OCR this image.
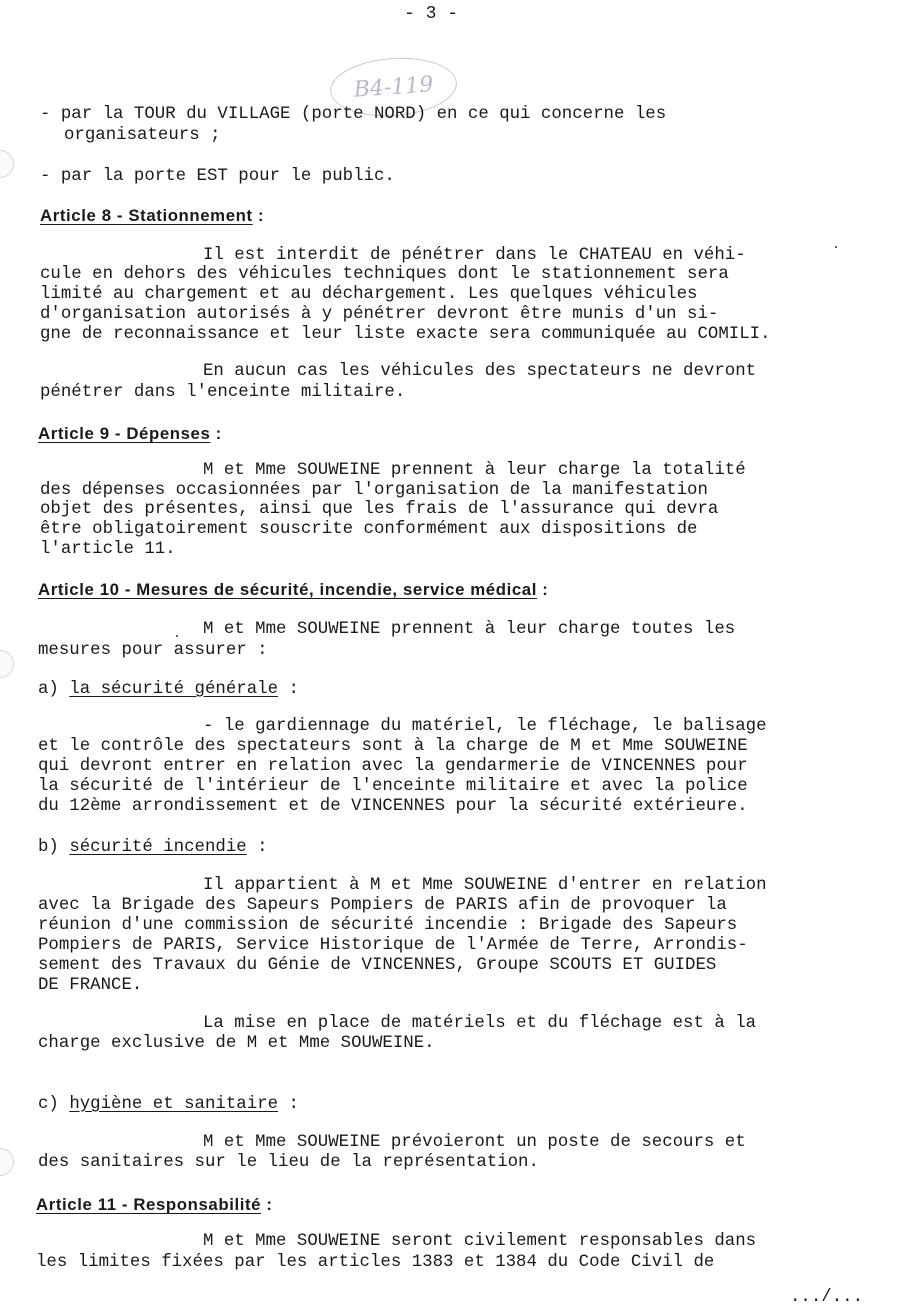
- 3 -
B4-119
- par la TOUR du VILLAGE (porte NORD) en ce qui concerne les
organisateurs ;
- par la porte EST pour le public.
Article 8 - Stationnement :
Il est interdit de pénétrer dans le CHATEAU en véhi-
cule en dehors des véhicules techniques dont le stationnement sera
limité au chargement et au déchargement. Les quelques véhicules
d'organisation autorisés à y pénétrer devront être munis d'un si-
gne de reconnaissance et leur liste exacte sera communiquée au COMILI.
En aucun cas les véhicules des spectateurs ne devront
pénétrer dans l'enceinte militaire.
Article 9 - Dépenses :
M et Mme SOUWEINE prennent à leur charge la totalité
des dépenses occasionnées par l'organisation de la manifestation
objet des présentes, ainsi que les frais de l'assurance qui devra
être obligatoirement souscrite conformément aux dispositions de
l'article 11.
Article 10 - Mesures de sécurité, incendie, service médical :
M et Mme SOUWEINE prennent à leur charge toutes les
mesures pour assurer :
a) la sécurité générale :
- le gardiennage du matériel, le fléchage, le balisage
et le contrôle des spectateurs sont à la charge de M et Mme SOUWEINE
qui devront entrer en relation avec la gendarmerie de VINCENNES pour
la sécurité de l'intérieur de l'enceinte militaire et avec la police
du 12ème arrondissement et de VINCENNES pour la sécurité extérieure.
b) sécurité incendie :
Il appartient à M et Mme SOUWEINE d'entrer en relation
avec la Brigade des Sapeurs Pompiers de PARIS afin de provoquer la
réunion d'une commission de sécurité incendie : Brigade des Sapeurs
Pompiers de PARIS, Service Historique de l'Armée de Terre, Arrondis-
sement des Travaux du Génie de VINCENNES, Groupe SCOUTS ET GUIDES
DE FRANCE.
La mise en place de matériels et du fléchage est à la
charge exclusive de M et Mme SOUWEINE.
c) hygiène et sanitaire :
M et Mme SOUWEINE prévoieront un poste de secours et
des sanitaires sur le lieu de la représentation.
Article 11 - Responsabilité :
M et Mme SOUWEINE seront civilement responsables dans
les limites fixées par les articles 1383 et 1384 du Code Civil de
.../...
